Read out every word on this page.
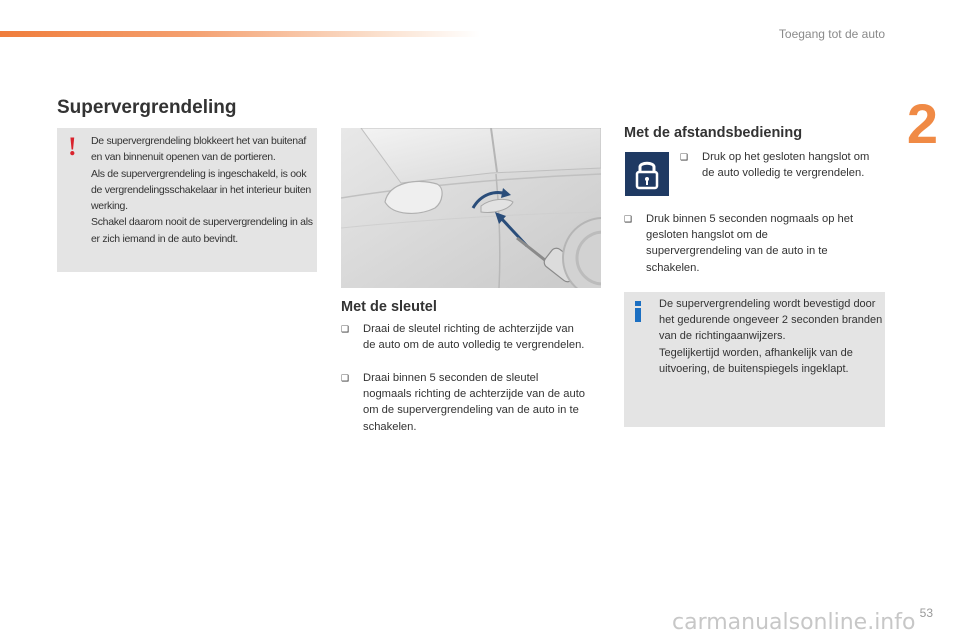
Toegang tot de auto
2
Supervergrendeling
! De supervergrendeling blokkeert het van buitenaf en van binnenuit openen van de portieren.

Als de supervergrendeling is ingeschakeld, is ook de vergrendelingsschakelaar in het interieur buiten werking.

Schakel daarom nooit de supervergrendeling in als er zich iemand in de auto bevindt.

Met de sleutel
❑	Draai de sleutel richting de achterzijde van de auto om de auto volledig te vergrendelen.
❑	Draai binnen 5 seconden de sleutel nogmaals richting de achterzijde van de auto om de supervergrendeling van de auto in te schakelen.
Met de afstandsbediening
❑	Druk op het gesloten hangslot om de auto volledig te vergrendelen.
❑	Druk binnen 5 seconden nogmaals op het gesloten hangslot om de supervergrendeling van de auto in te schakelen.

De supervergrendeling wordt bevestigd door het gedurende ongeveer 2 seconden branden van de richtingaanwijzers.

Tegelijkertijd worden, afhankelijk van de uitvoering, de buitenspiegels ingeklapt.

53
carmanualsonline.info
